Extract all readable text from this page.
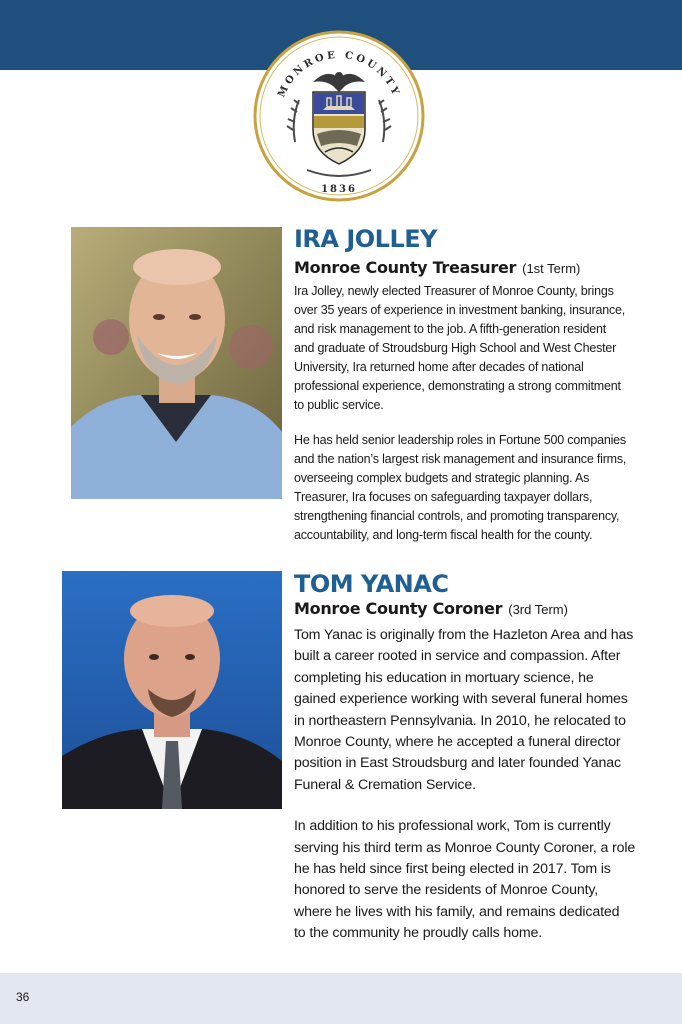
MONROE COUNTY
1836

IRA JOLLEY

Monroe County Treasurer (1st Term)

Ira Jolley, newly elected Treasurer of Monroe County, brings
over 35 years of experience in investment banking, insurance,
and risk management to the job. A fifth-generation resident
and graduate of Stroudsburg High School and West Chester
University, Ira returned home after decades of national
professional experience, demonstrating a strong commitment
to public service.

He has held senior leadership roles in Fortune 500 companies
and the nation’s largest risk management and insurance firms,
overseeing complex budgets and strategic planning. As
Treasurer, Ira focuses on safeguarding taxpayer dollars,
strengthening financial controls, and promoting transparency,
accountability, and long-term fiscal health for the county.

TOM YANAC

Monroe County Coroner (3rd Term)

Tom Yanac is originally from the Hazleton Area and has
built a career rooted in service and compassion. After
completing his education in mortuary science, he
gained experience working with several funeral homes
in northeastern Pennsylvania. In 2010, he relocated to
Monroe County, where he accepted a funeral director
position in East Stroudsburg and later founded Yanac
Funeral & Cremation Service.

In addition to his professional work, Tom is currently
serving his third term as Monroe County Coroner, a role
he has held since first being elected in 2017. Tom is
honored to serve the residents of Monroe County,
where he lives with his family, and remains dedicated
to the community he proudly calls home.

36
